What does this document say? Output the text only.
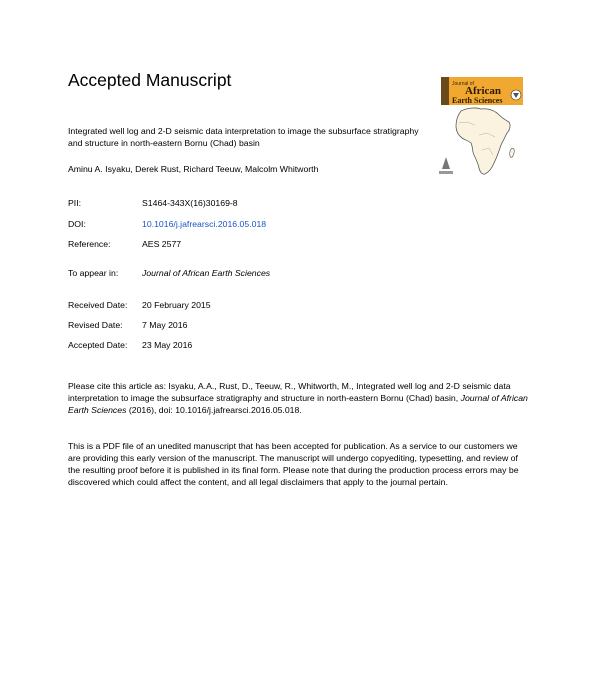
Accepted Manuscript
Integrated well log and 2-D seismic data interpretation to image the subsurface stratigraphy and structure in north-eastern Bornu (Chad) basin
Aminu A. Isyaku, Derek Rust, Richard Teeuw, Malcolm Whitworth
PII:	S1464-343X(16)30169-8
DOI:	10.1016/j.jafrearsci.2016.05.018
Reference:	AES 2577
To appear in:	Journal of African Earth Sciences
Received Date: 20 February 2015
Revised Date: 7 May 2016
Accepted Date: 23 May 2016
Please cite this article as: Isyaku, A.A., Rust, D., Teeuw, R., Whitworth, M., Integrated well log and 2-D seismic data interpretation to image the subsurface stratigraphy and structure in north-eastern Bornu (Chad) basin, Journal of African Earth Sciences (2016), doi: 10.1016/j.jafrearsci.2016.05.018.
This is a PDF file of an unedited manuscript that has been accepted for publication. As a service to our customers we are providing this early version of the manuscript. The manuscript will undergo copyediting, typesetting, and review of the resulting proof before it is published in its final form. Please note that during the production process errors may be discovered which could affect the content, and all legal disclaimers that apply to the journal pertain.
Journal of
African
Earth Sciences
